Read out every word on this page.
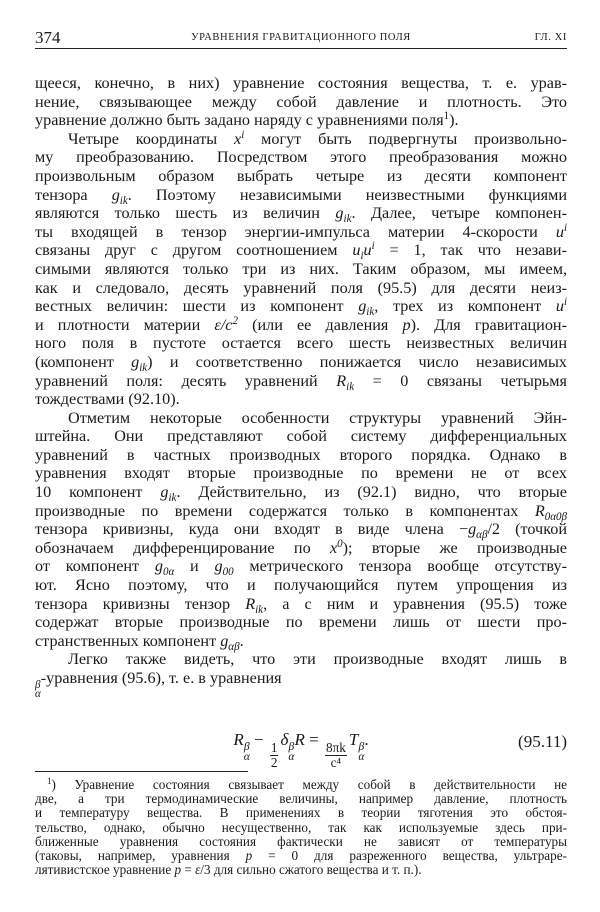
374	УРАВНЕНИЯ ГРАВИТАЦИОННОГО ПОЛЯ	ГЛ. XI
щееся, конечно, в них) уравнение состояния вещества, т. е. урав-
нение, связывающее между собой давление и плотность. Это
уравнение должно быть задано наряду с уравнениями поля$^1$).
Четыре координаты $x^i$ могут быть подвергнуты произвольно-
му преобразованию. Посредством этого преобразования можно
произвольным образом выбрать четыре из десяти компонент
тензора $g_{ik}$. Поэтому независимыми неизвестными функциями
являются только шесть из величин $g_{ik}$. Далее, четыре компонен-
ты входящей в тензор энергии-импульса материи 4-скорости $u^i$
связаны друг с другом соотношением $u_iu^i = 1$, так что незави-
симыми являются только три из них. Таким образом, мы имеем,
как и следовало, десять уравнений поля (95.5) для десяти неиз-
вестных величин: шести из компонент $g_{ik}$, трех из компонент $u^i$
и плотности материи $\varepsilon/c^2$ (или ее давления p). Для гравитацион-
ного поля в пустоте остается всего шесть неизвестных величин
(компонент $g_{ik}$) и соответственно понижается число независимых
уравнений поля: десять уравнений $R_{ik} = 0$ связаны четырьмя
тождествами (92.10).
Отметим некоторые особенности структуры уравнений Эйн-
штейна. Они представляют собой систему дифференциальных
уравнений в частных производных второго порядка. Однако в
уравнения входят вторые производные по времени не от всех
10 компонент $g_{ik}$. Действительно, из (92.1) видно, что вторые
производные по времени содержатся только в компонентах $R_{0\alpha 0\beta}$
тензора кривизны, куда они входят в виде члена −¨ $g_{\alpha\beta}/2$ (точкой
обозначаем дифференцирование по $x^0$); вторые же производные
от компонент $g_{0\alpha}$ и $g_{00}$ метрического тензора вообще отсутству-
ют. Ясно поэтому, что и получающийся путем упрощения из
тензора кривизны тензор $R_{ik}$, а с ним и уравнения (95.5) тоже
содержат вторые производные по времени лишь от шести про-
странственных компонент $g_{\alpha\beta}$.
Легко также видеть, что эти производные входят лишь в
β
α
-уравнения (95.6), т. е. в уравнения
R β
α
−
$\frac{1}{2}$
δ β
α
R =
$\frac{8\pi k}{\text{c⁴}}$
T β
α
.	(95.11)
$^1$) Уравнение состояния связывает между собой в действительности не
две, а три термодинамические величины, например давление, плотность
и температуру вещества. В применениях в теории тяготения это обстоя-
тельство, однако, обычно несущественно, так как используемые здесь при-
ближенные уравнения состояния фактически не зависят от температуры
(таковы, например, уравнения p = 0 для разреженного вещества, ультраре-
лятивистское уравнение p = ε/3 для сильно сжатого вещества и т. п.).
